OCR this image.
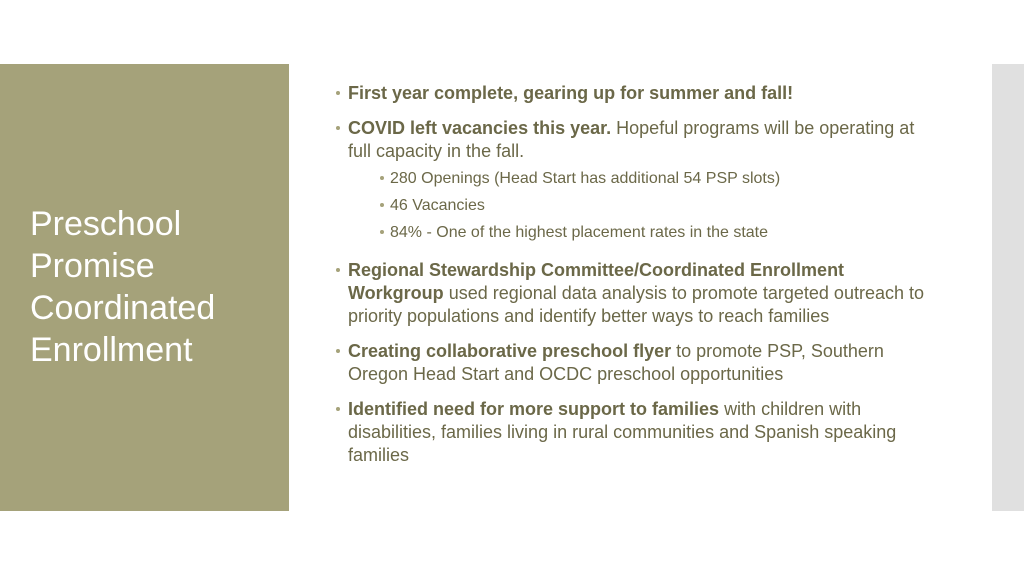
Preschool
Promise
Coordinated
Enrollment
First year complete, gearing up for summer and fall!
COVID left vacancies this year. Hopeful programs will be operating at full capacity in the fall.
280 Openings (Head Start has additional 54 PSP slots)
46 Vacancies
84% - One of the highest placement rates in the state
Regional Stewardship Committee/Coordinated Enrollment Workgroup used regional data analysis to promote targeted outreach to priority populations and identify better ways to reach families
Creating collaborative preschool flyer to promote PSP, Southern Oregon Head Start and OCDC preschool opportunities
Identified need for more support to families with children with disabilities, families living in rural communities and Spanish speaking families
